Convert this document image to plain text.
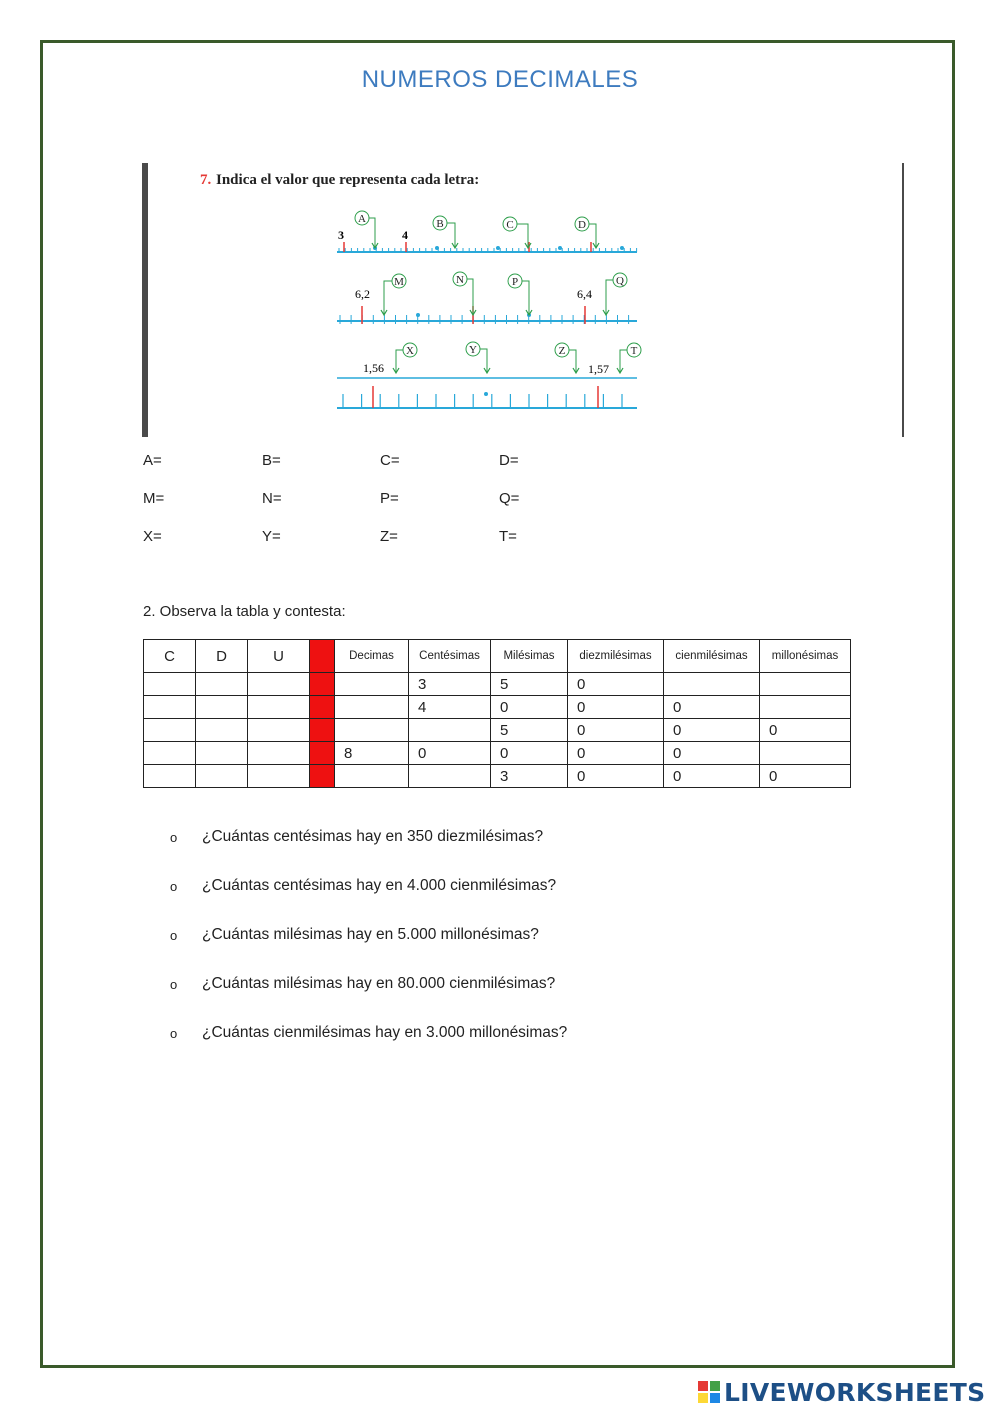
NUMEROS DECIMALES
7. Indica el valor que representa cada letra:
3	4
A	B	C	D
6,2	6,4
M	N	P	Q
1,56	1,57
X	Y	Z	T
A=	B=	C=	D=
M=	N=	P=	Q=
X=	Y=	Z=	T=
2. Observa la tabla y contesta:
C	D	U		Decimas	Centésimas	Milésimas	diezmilésimas	cienmilésimas	millonésimas
					3	5	0		
					4	0	0	0	
						5	0	0	0
				8	0	0	0	0	
						3	0	0	0
o ¿Cuántas centésimas hay en 350 diezmilésimas?
o ¿Cuántas centésimas hay en 4.000 cienmilésimas?
o ¿Cuántas milésimas hay en 5.000 millonésimas?
o ¿Cuántas milésimas hay en 80.000 cienmilésimas?
o ¿Cuántas cienmilésimas hay en 3.000 millonésimas?
LIVEWORKSHEETS
